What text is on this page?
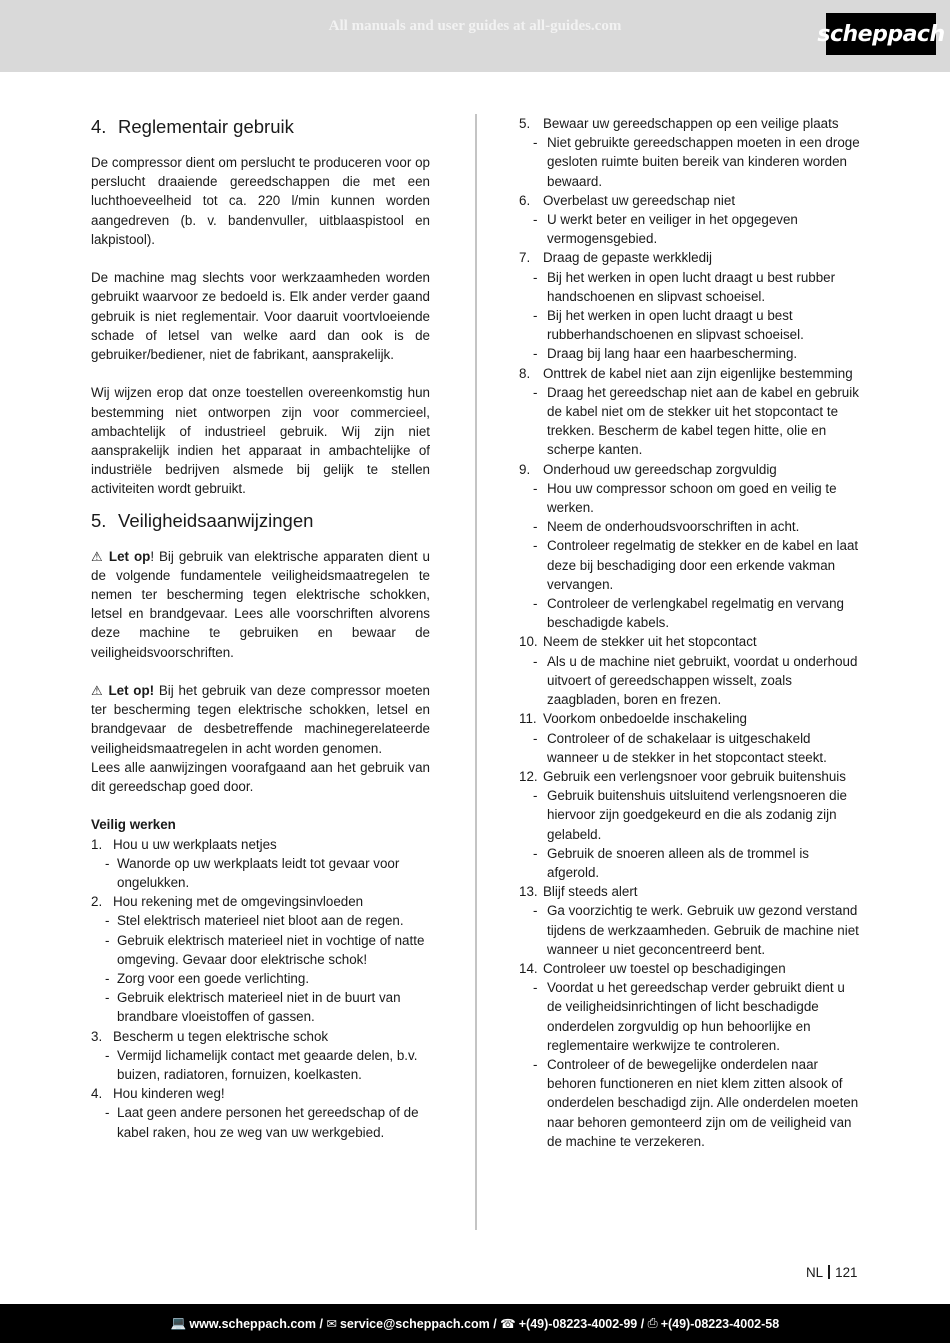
All manuals and user guides at all-guides.com	scheppach
4. Reglementair gebruik

De compressor dient om perslucht te produceren voor op perslucht draaiende gereedschappen die met een luchthoeveelheid tot ca. 220 l/min kunnen worden aangedreven (b. v. bandenvuller, uitblaaspistool en lakpistool).

De machine mag slechts voor werkzaamheden worden gebruikt waarvoor ze bedoeld is. Elk ander verder gaand gebruik is niet reglementair. Voor daaruit voortvloeiende schade of letsel van welke aard dan ook is de gebruiker/bediener, niet de fabrikant, aansprakelijk.

Wij wijzen erop dat onze toestellen overeenkomstig hun bestemming niet ontworpen zijn voor commercieel, ambachtelijk of industrieel gebruik. Wij zijn niet aansprakelijk indien het apparaat in ambachtelijke of industriële bedrijven alsmede bij gelijk te stellen activiteiten wordt gebruikt.

5. Veiligheidsaanwijzingen

⚠ Let op! Bij gebruik van elektrische apparaten dient u de volgende fundamentele veiligheidsmaatregelen te nemen ter bescherming tegen elektrische schokken, letsel en brandgevaar. Lees alle voorschriften alvorens deze machine te gebruiken en bewaar de veiligheidsvoorschriften.

⚠ Let op! Bij het gebruik van deze compressor moeten ter bescherming tegen elektrische schokken, letsel en brandgevaar de desbetreffende machinegerelateerde veiligheidsmaatregelen in acht worden genomen.

Lees alle aanwijzingen voorafgaand aan het gebruik van dit gereedschap goed door.

Veilig werken
1. Hou u uw werkplaats netjes
- Wanorde op uw werkplaats leidt tot gevaar voor ongelukken.
2. Hou rekening met de omgevingsinvloeden
- Stel elektrisch materieel niet bloot aan de regen.
- Gebruik elektrisch materieel niet in vochtige of natte omgeving. Gevaar door elektrische schok!
- Zorg voor een goede verlichting.
- Gebruik elektrisch materieel niet in de buurt van brandbare vloeistoffen of gassen.
3. Bescherm u tegen elektrische schok
- Vermijd lichamelijk contact met geaarde delen, b.v. buizen, radiatoren, fornuizen, koelkasten.
4. Hou kinderen weg!
- Laat geen andere personen het gereedschap of de kabel raken, hou ze weg van uw werkgebied.
5. Bewaar uw gereedschappen op een veilige plaats
- Niet gebruikte gereedschappen moeten in een droge gesloten ruimte buiten bereik van kinderen worden bewaard.
6. Overbelast uw gereedschap niet
- U werkt beter en veiliger in het opgegeven vermogensgebied.
7. Draag de gepaste werkkledij
- Bij het werken in open lucht draagt u best rubber handschoenen en slipvast schoeisel.
- Bij het werken in open lucht draagt u best rubberhandschoenen en slipvast schoeisel.
- Draag bij lang haar een haarbescherming.
8. Onttrek de kabel niet aan zijn eigenlijke bestemming
- Draag het gereedschap niet aan de kabel en gebruik de kabel niet om de stekker uit het stopcontact te trekken. Bescherm de kabel tegen hitte, olie en scherpe kanten.
9. Onderhoud uw gereedschap zorgvuldig
- Hou uw compressor schoon om goed en veilig te werken.
- Neem de onderhoudsvoorschriften in acht.
- Controleer regelmatig de stekker en de kabel en laat deze bij beschadiging door een erkende vakman vervangen.
- Controleer de verlengkabel regelmatig en vervang beschadigde kabels.
10. Neem de stekker uit het stopcontact
- Als u de machine niet gebruikt, voordat u onderhoud uitvoert of gereedschappen wisselt, zoals zaagbladen, boren en frezen.
11. Voorkom onbedoelde inschakeling
- Controleer of de schakelaar is uitgeschakeld wanneer u de stekker in het stopcontact steekt.
12. Gebruik een verlengsnoer voor gebruik buitenshuis
- Gebruik buitenshuis uitsluitend verlengsnoeren die hiervoor zijn goedgekeurd en die als zodanig zijn gelabeld.
- Gebruik de snoeren alleen als de trommel is afgerold.
13. Blijf steeds alert
- Ga voorzichtig te werk. Gebruik uw gezond verstand tijdens de werkzaamheden. Gebruik de machine niet wanneer u niet geconcentreerd bent.
14. Controleer uw toestel op beschadigingen
- Voordat u het gereedschap verder gebruikt dient u de veiligheidsinrichtingen of licht beschadigde onderdelen zorgvuldig op hun behoorlijke en reglementaire werkwijze te controleren.
- Controleer of de bewegelijke onderdelen naar behoren functioneren en niet klem zitten alsook of onderdelen beschadigd zijn. Alle onderdelen moeten naar behoren gemonteerd zijn om de veiligheid van de machine te verzekeren.
NL 121
💻 www.scheppach.com /
✉ service@scheppach.com /
☎ +(49)-08223-4002-99 /
⎙ +(49)-08223-4002-58
